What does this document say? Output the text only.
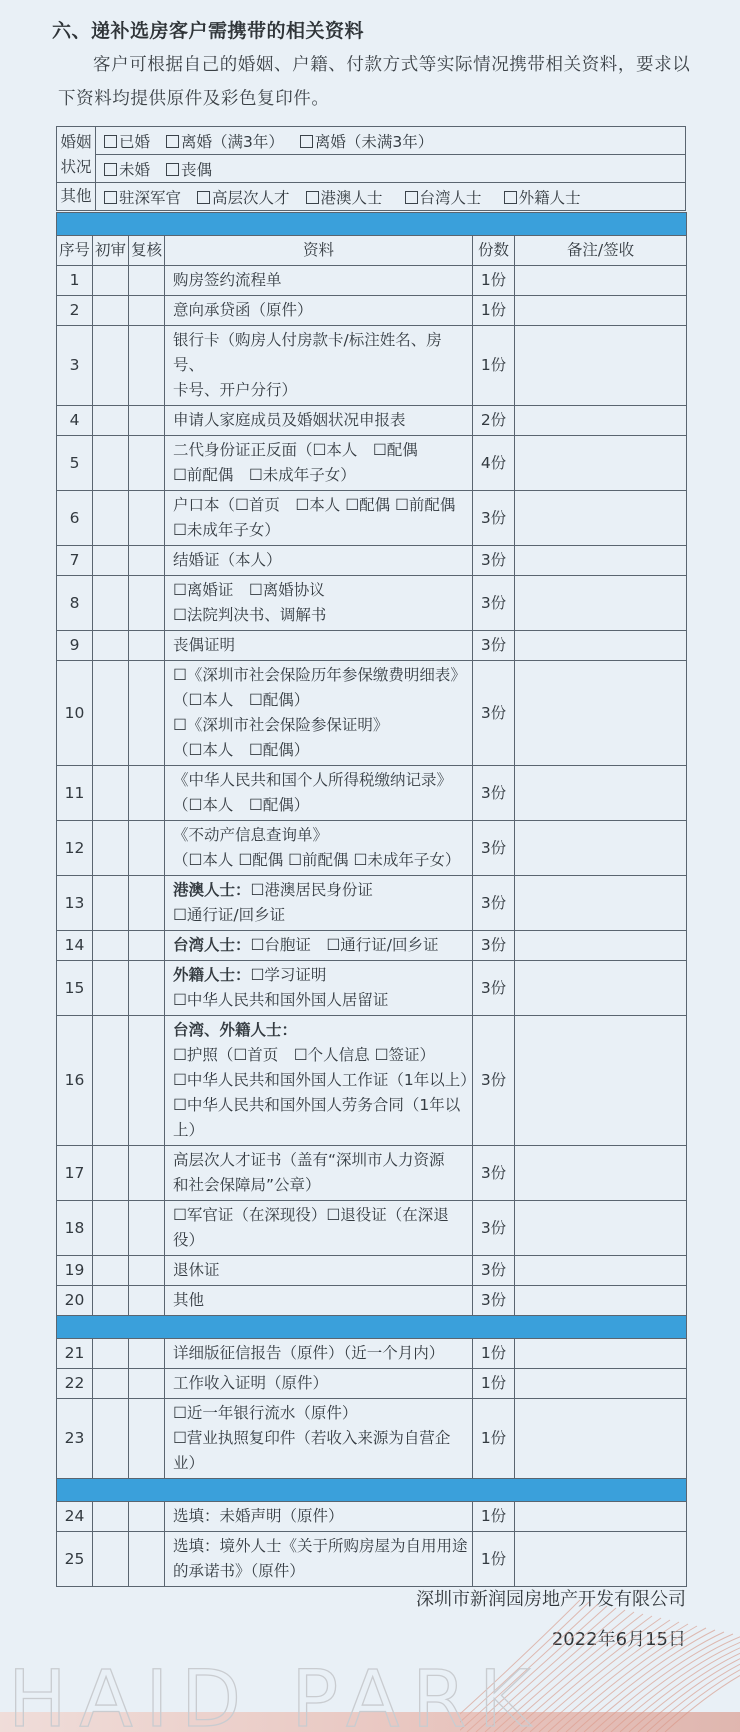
六、递补选房客户需携带的相关资料
客户可根据自己的婚姻、户籍、付款方式等实际情况携带相关资料，要求以下资料均提供原件及彩色复印件。
婚姻
状况	已婚 离婚（满3年） 离婚（未满3年）
	未婚 丧偶
其他	驻深军官 高层次人才 港澳人士 台湾人士 外籍人士

序号	初审	复核	资料	份数	备注/签收
1			购房签约流程单	1份	
2			意向承贷函（原件）	1份	
3			银行卡（购房人付房款卡/标注姓名、房号、
卡号、开户分行）	1份	
4			申请人家庭成员及婚姻状况申报表	2份	
5			二代身份证正反面（☐本人　☐配偶
☐前配偶　☐未成年子女）	4份	
6			户口本（☐首页　☐本人 ☐配偶 ☐前配偶
☐未成年子女）	3份	
7			结婚证（本人）	3份	
8			☐离婚证　☐离婚协议
☐法院判决书、调解书	3份	
9			丧偶证明	3份	
10			☐《深圳市社会保险历年参保缴费明细表》
（☐本人　☐配偶）
☐《深圳市社会保险参保证明》
（☐本人　☐配偶）	3份	
11			《中华人民共和国个人所得税缴纳记录》
（☐本人　☐配偶）	3份	
12			《不动产信息查询单》
（☐本人 ☐配偶 ☐前配偶 ☐未成年子女）	3份	
13			港澳人士：☐港澳居民身份证
☐通行证/回乡证	3份	
14			台湾人士：☐台胞证　☐通行证/回乡证	3份	
15			外籍人士：☐学习证明
☐中华人民共和国外国人居留证	3份	
16			台湾、外籍人士：
☐护照（☐首页　☐个人信息 ☐签证）
☐中华人民共和国外国人工作证（1年以上）
☐中华人民共和国外国人劳务合同（1年以上）	3份	
17			高层次人才证书（盖有“深圳市人力资源
和社会保障局”公章）	3份	
18			☐军官证（在深现役）☐退役证（在深退役）	3份	
19			退休证	3份	
20			其他	3份	

21			详细版征信报告（原件）（近一个月内）	1份	
22			工作收入证明（原件）	1份	
23			☐近一年银行流水（原件）
☐营业执照复印件（若收入来源为自营企业）	1份	

24			选填：未婚声明（原件）	1份	
25			选填：境外人士《关于所购房屋为自用用途
的承诺书》（原件）	1份	
深圳市新润园房地产开发有限公司
2022年6月15日
HAID PARK
